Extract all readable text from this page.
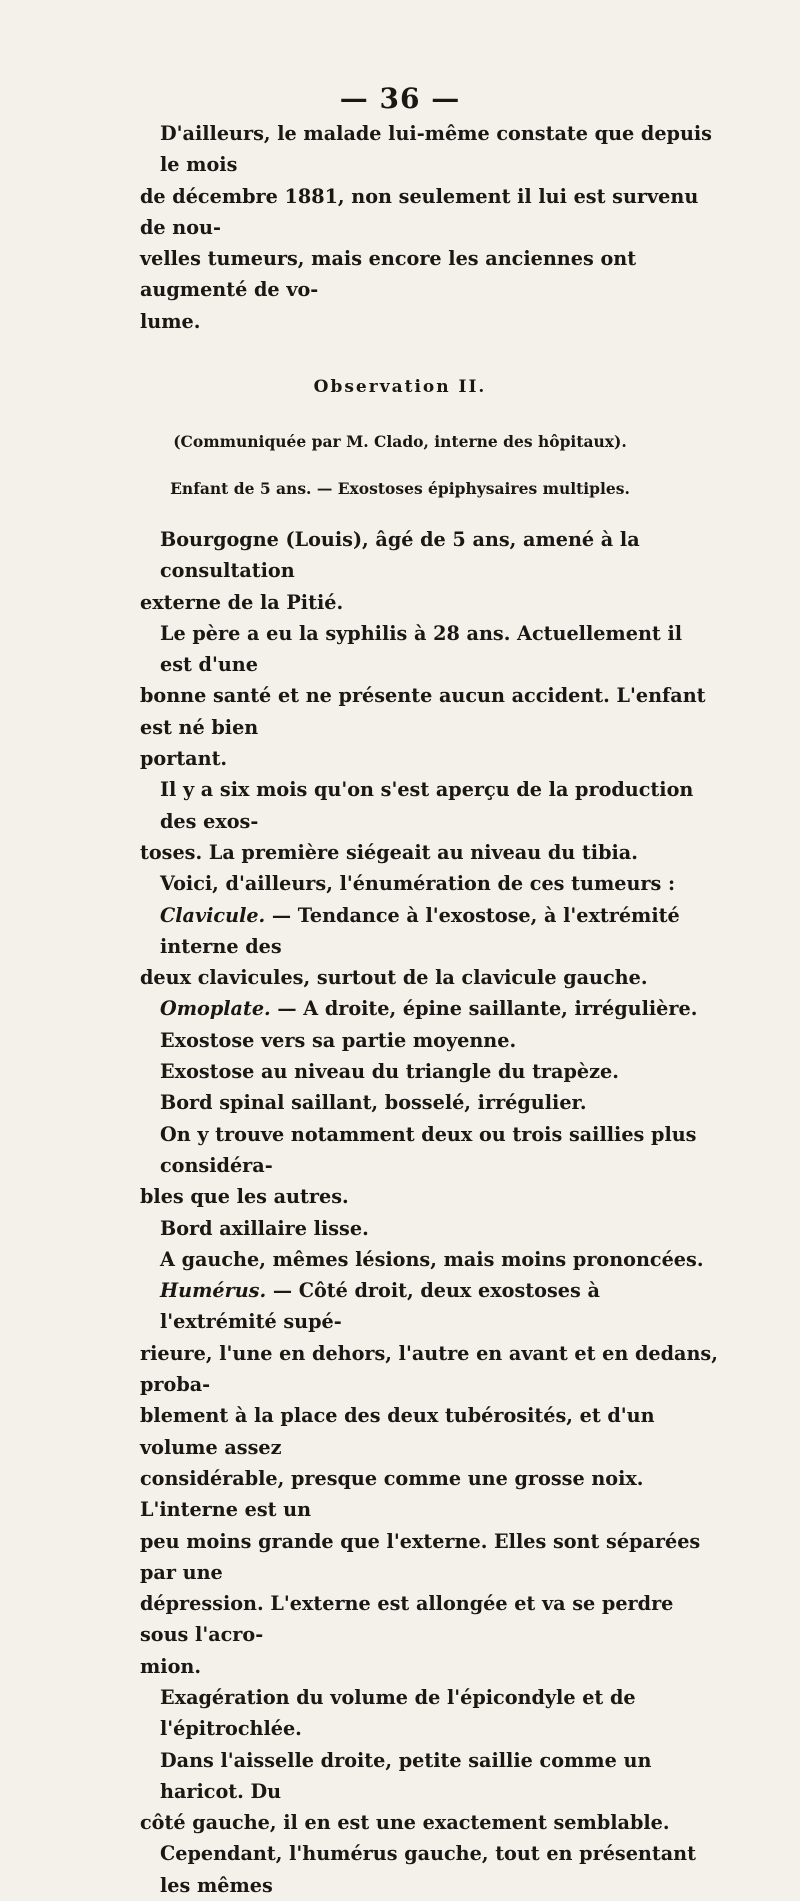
— 36 —
D'ailleurs, le malade lui-même constate que depuis le mois
de décembre 1881, non seulement il lui est survenu de nou-
velles tumeurs, mais encore les anciennes ont augmenté de vo-
lume.
Observation II.
(Communiquée par M. Clado, interne des hôpitaux).
Enfant de 5 ans. — Exostoses épiphysaires multiples.
Bourgogne (Louis), âgé de 5 ans, amené à la consultation
externe de la Pitié.
Le père a eu la syphilis à 28 ans. Actuellement il est d'une
bonne santé et ne présente aucun accident. L'enfant est né bien
portant.
Il y a six mois qu'on s'est aperçu de la production des exos-
toses. La première siégeait au niveau du tibia.
Voici, d'ailleurs, l'énumération de ces tumeurs :
Clavicule. — Tendance à l'exostose, à l'extrémité interne des
deux clavicules, surtout de la clavicule gauche.
Omoplate. — A droite, épine saillante, irrégulière.
Exostose vers sa partie moyenne.
Exostose au niveau du triangle du trapèze.
Bord spinal saillant, bosselé, irrégulier.
On y trouve notamment deux ou trois saillies plus considéra-
bles que les autres.
Bord axillaire lisse.
A gauche, mêmes lésions, mais moins prononcées.
Humérus. — Côté droit, deux exostoses à l'extrémité supé-
rieure, l'une en dehors, l'autre en avant et en dedans, proba-
blement à la place des deux tubérosités, et d'un volume assez
considérable, presque comme une grosse noix. L'interne est un
peu moins grande que l'externe. Elles sont séparées par une
dépression. L'externe est allongée et va se perdre sous l'acro-
mion.
Exagération du volume de l'épicondyle et de l'épitrochlée.
Dans l'aisselle droite, petite saillie comme un haricot. Du
côté gauche, il en est une exactement semblable.
Cependant, l'humérus gauche, tout en présentant les mêmes
